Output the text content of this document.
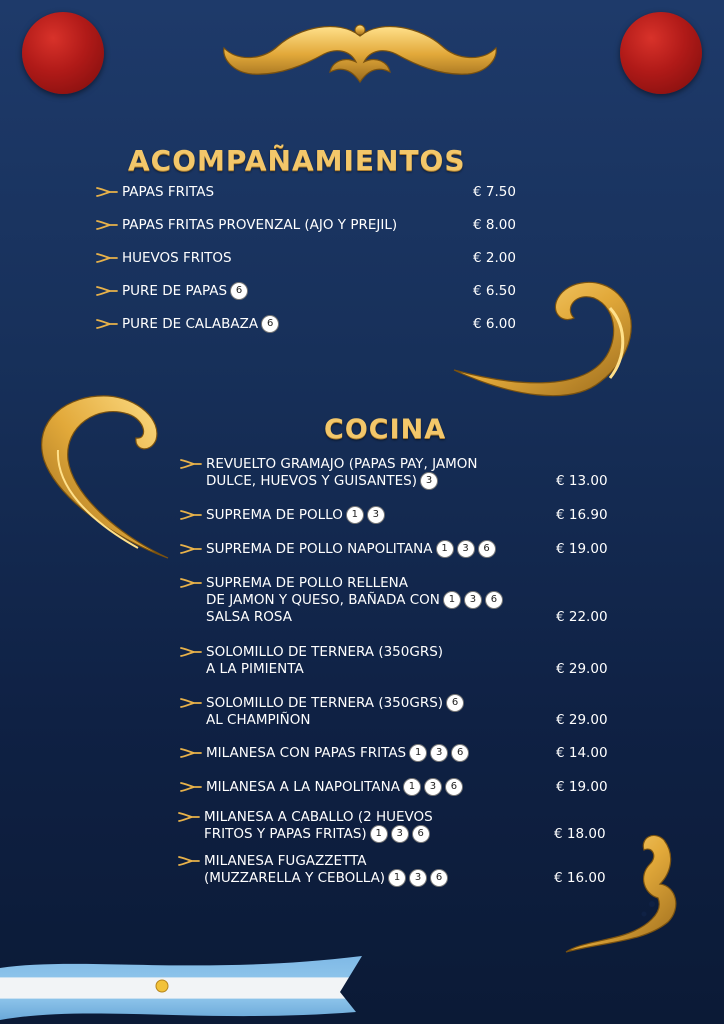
ACOMPAÑAMIENTOS
PAPAS FRITAS	€ 7.50
PAPAS FRITAS PROVENZAL (AJO Y PREJIL)	€ 8.00
HUEVOS FRITOS	€ 2.00
PURE DE PAPAS 6	€ 6.50
PURE DE CALABAZA 6	€ 6.00
COCINA
REVUELTO GRAMAJO (PAPAS PAY, JAMON
DULCE, HUEVOS Y GUISANTES) 3	€ 13.00
SUPREMA DE POLLO 1 3	€ 16.90
SUPREMA DE POLLO NAPOLITANA 1 3 6	€ 19.00
SUPREMA DE POLLO RELLENA
DE JAMON Y QUESO, BAÑADA CON 1 3 6
SALSA ROSA	€ 22.00
SOLOMILLO DE TERNERA (350GRS)
A LA PIMIENTA	€ 29.00
SOLOMILLO DE TERNERA (350GRS) 6
AL CHAMPIÑON	€ 29.00
MILANESA CON PAPAS FRITAS 1 3 6	€ 14.00
MILANESA A LA NAPOLITANA 1 3 6	€ 19.00
MILANESA A CABALLO (2 HUEVOS
FRITOS Y PAPAS FRITAS) 1 3 6	€ 18.00
MILANESA FUGAZZETTA
(MUZZARELLA Y CEBOLLA) 1 3 6	€ 16.00
